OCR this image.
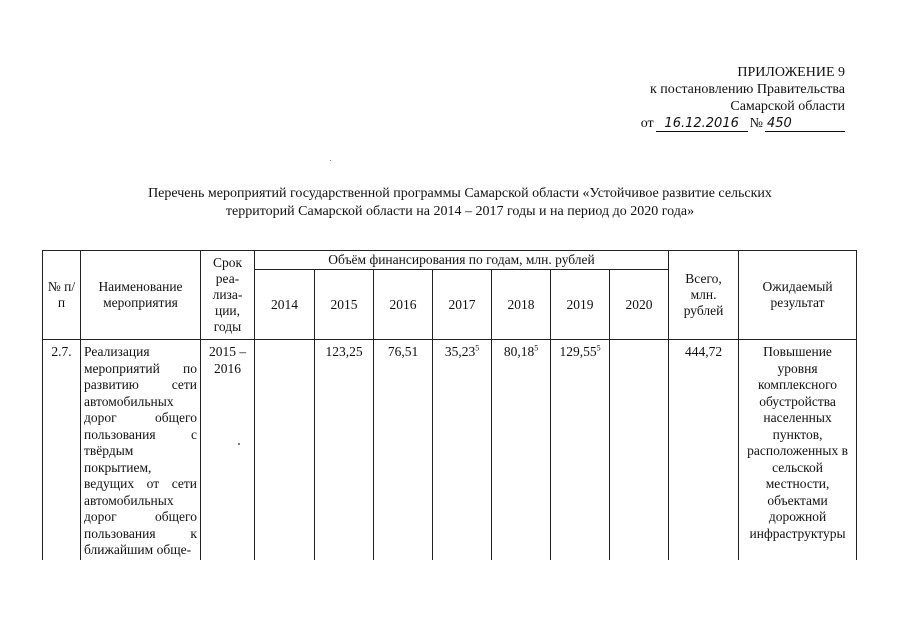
ПРИЛОЖЕНИЕ 9
к постановлению Правительства
Самарской области
от 16.12.2016 № 450
Перечень мероприятий государственной программы Самарской области «Устойчивое развитие сельских
территорий Самарской области на 2014 – 2017 годы и на период до 2020 года»
№ п/п	Наименование мероприятия	Срок реа-лиза-ции, годы	Объём финансирования по годам, млн. рублей							Всего, млн. рублей	Ожидаемый результат
			2014	2015	2016	2017	2018	2019	2020		
2.7.	Реализация мероприятий по развитию сети автомобильных дорог общего пользования с твёрдым покрытием, ведущих от сети автомобильных дорог общего пользования к ближайшим обще-	2015 – 2016		123,25	76,51	35,23$^5$	80,18$^5$	129,55$^5$		444,72	Повышение уровня комплексного обустройства населенных пунктов, расположенных в сельской местности, объектами дорожной инфраструктуры
